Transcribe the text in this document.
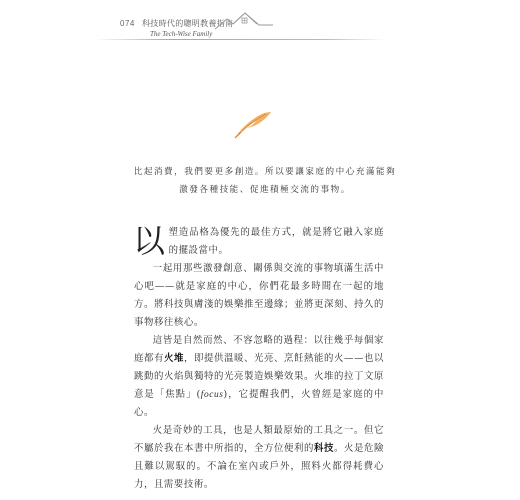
074 科技時代的聰明教養指南
The Tech-Wise Family
比起消費，我們要更多創造。所以要讓家庭的中心充滿能夠
激發各種技能、促進積極交流的事物。

以塑造品格為優先的最佳方式，就是將它融入家庭的擺設當中。

一起用那些激發創意、關係與交流的事物填滿生活中心吧——就是家庭的中心，你們花最多時間在一起的地方。將科技與膚淺的娛樂推至邊緣；並將更深刻、持久的事物移往核心。

這皆是自然而然、不容忽略的過程：以往幾乎每個家庭都有火堆，即提供溫暖、光亮、烹飪熱能的火——也以跳動的火焰與獨特的光亮製造娛樂效果。火堆的拉丁文原意是「焦點」(focus)，它提醒我們，火曾經是家庭的中心。

火是奇妙的工具，也是人類最原始的工具之一。但它不屬於我在本書中所指的，全方位便利的科技。火是危險且難以駕馭的。不論在室內或戶外，照料火都得耗費心力，且需要技術。
